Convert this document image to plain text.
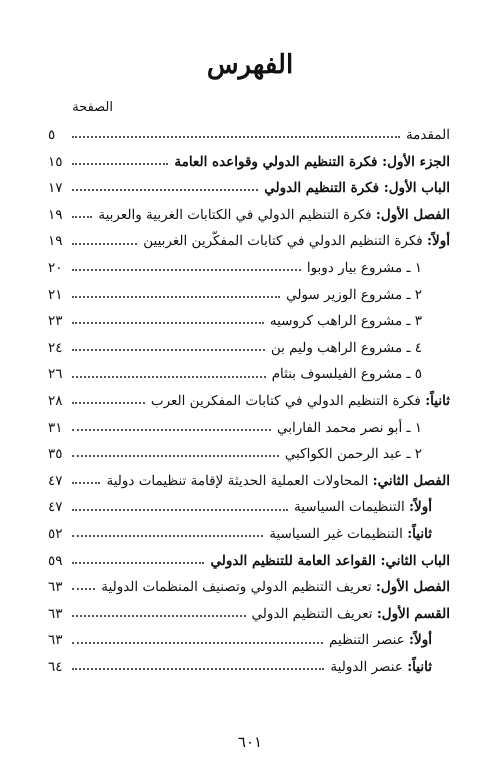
الفهرس
الصفحة
المقدمة
٥
الجزء الأول: فكرة التنظيم الدولي وقواعده العامة
١٥
الباب الأول: فكرة التنظيم الدولي
١٧
الفصل الأول: فكرة التنظيم الدولي في الكتابات الغربية والعربية
١٩
أولاً: فكرة التنظيم الدولي في كتابات المفكّرين الغربيين
١٩
١ ـ مشروع بيار دوبوا
٢٠
٢ ـ مشروع الوزير سولي
٢١
٣ ـ مشروع الراهب كروسيه
٢٣
٤ ـ مشروع الراهب وليم بن
٢٤
٥ ـ مشروع الفيلسوف بنثام
٢٦
ثانياً: فكرة التنظيم الدولي في كتابات المفكرين العرب
٢٨
١ ـ أبو نصر محمد الفارابي
٣١
٢ ـ عبد الرحمن الكواكبي
٣٥
الفصل الثاني: المحاولات العملية الحديثة لإقامة تنظيمات دولية
٤٧
أولاً: التنظيمات السياسية
٤٧
ثانياً: التنظيمات غير السياسية
٥٢
الباب الثاني: القواعد العامة للتنظيم الدولي
٥٩
الفصل الأول: تعريف التنظيم الدولي وتصنيف المنظمات الدولية
٦٣
القسم الأول: تعريف التنظيم الدولي
٦٣
أولاً: عنصر التنظيم
٦٣
ثانياً: عنصر الدولية
٦٤
٦٠١
